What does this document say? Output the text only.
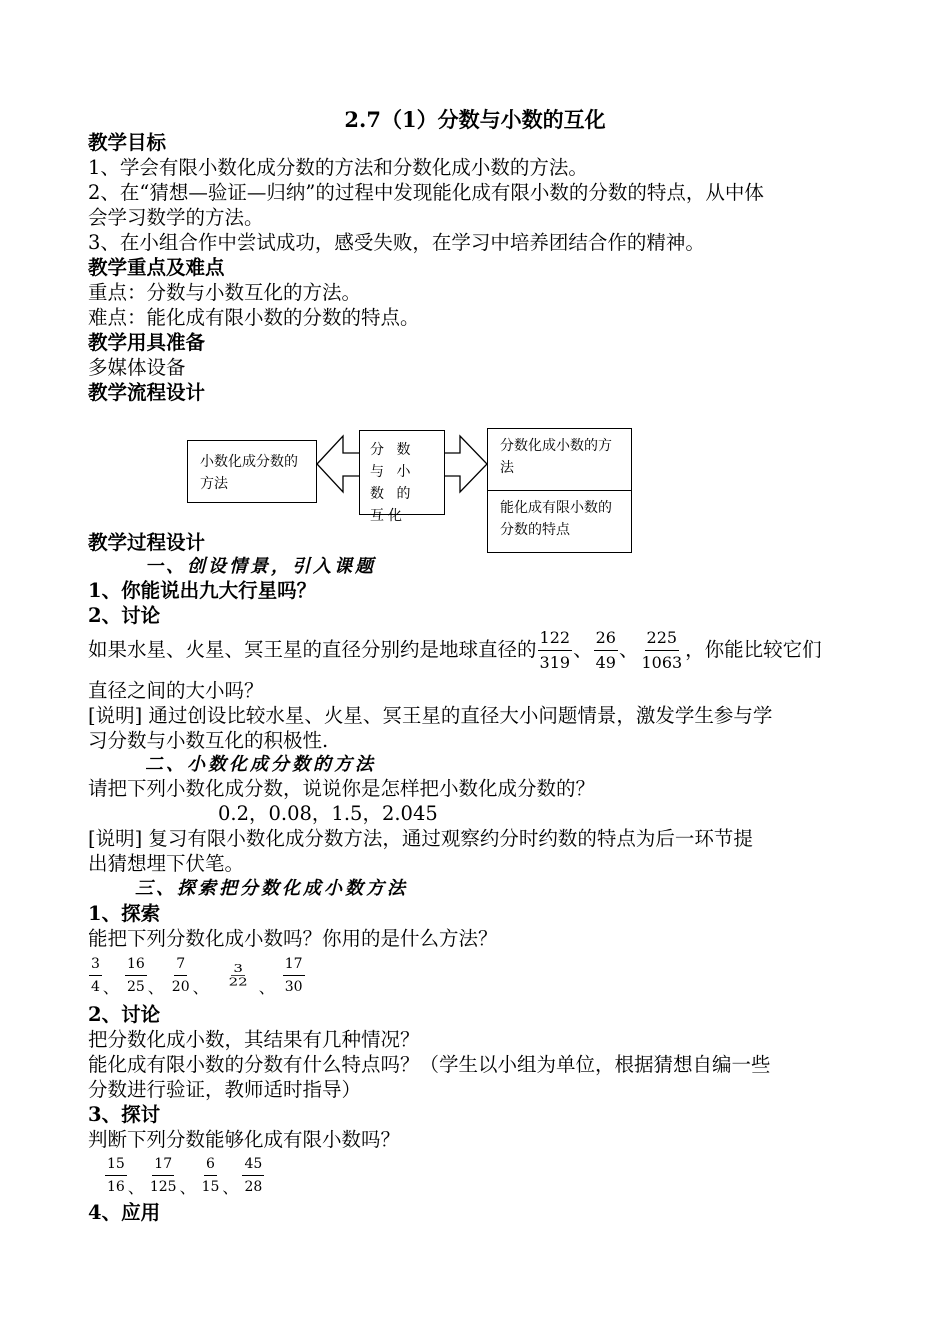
2.7（1）分数与小数的互化
教学目标
1、学会有限小数化成分数的方法和分数化成小数的方法。
2、在“猜想—验证—归纳”的过程中发现能化成有限小数的分数的特点，从中体
会学习数学的方法。
3、在小组合作中尝试成功，感受失败，在学习中培养团结合作的精神。
教学重点及难点
重点：分数与小数互化的方法。
难点：能化成有限小数的分数的特点。
教学用具准备
多媒体设备
教学流程设计
小数化成分数的方法
分 数 与 小 数 的 互化
分数化成小数的方法
能化成有限小数的分数的特点
教学过程设计
一、创设情景，引入课题
1、你能说出九大行星吗？
2、讨论
如果水星、火星、冥王星的直径分别约是地球直径的 $\frac{122}{319}$ 、 $\frac{26}{49}$ 、 $\frac{225}{1063}$ ，你能比较它们
直径之间的大小吗？
[说明] 通过创设比较水星、火星、冥王星的直径大小问题情景，激发学生参与学
习分数与小数互化的积极性.
二、小数化成分数的方法
请把下列小数化成分数，说说你是怎样把小数化成分数的？
0.2，0.08，1.5，2.045
[说明] 复习有限小数化成分数方法，通过观察约分时约数的特点为后一环节提
出猜想埋下伏笔。
三、探索把分数化成小数方法
1、探索
能把下列分数化成小数吗？你用的是什么方法？
$\frac{3}{4} _、 \frac{16}{25} _、 \frac{7}{20} _、$
$\frac{3}{22}$
$_、 \frac{17}{30}$
2、讨论
把分数化成小数，其结果有几种情况？
能化成有限小数的分数有什么特点吗？（学生以小组为单位，根据猜想自编一些
分数进行验证，教师适时指导）
3、探讨
判断下列分数能够化成有限小数吗？
$\frac{15}{16} _、 \frac{17}{125} _、 \frac{6}{15} _、 \frac{45}{28}$
4、应用
